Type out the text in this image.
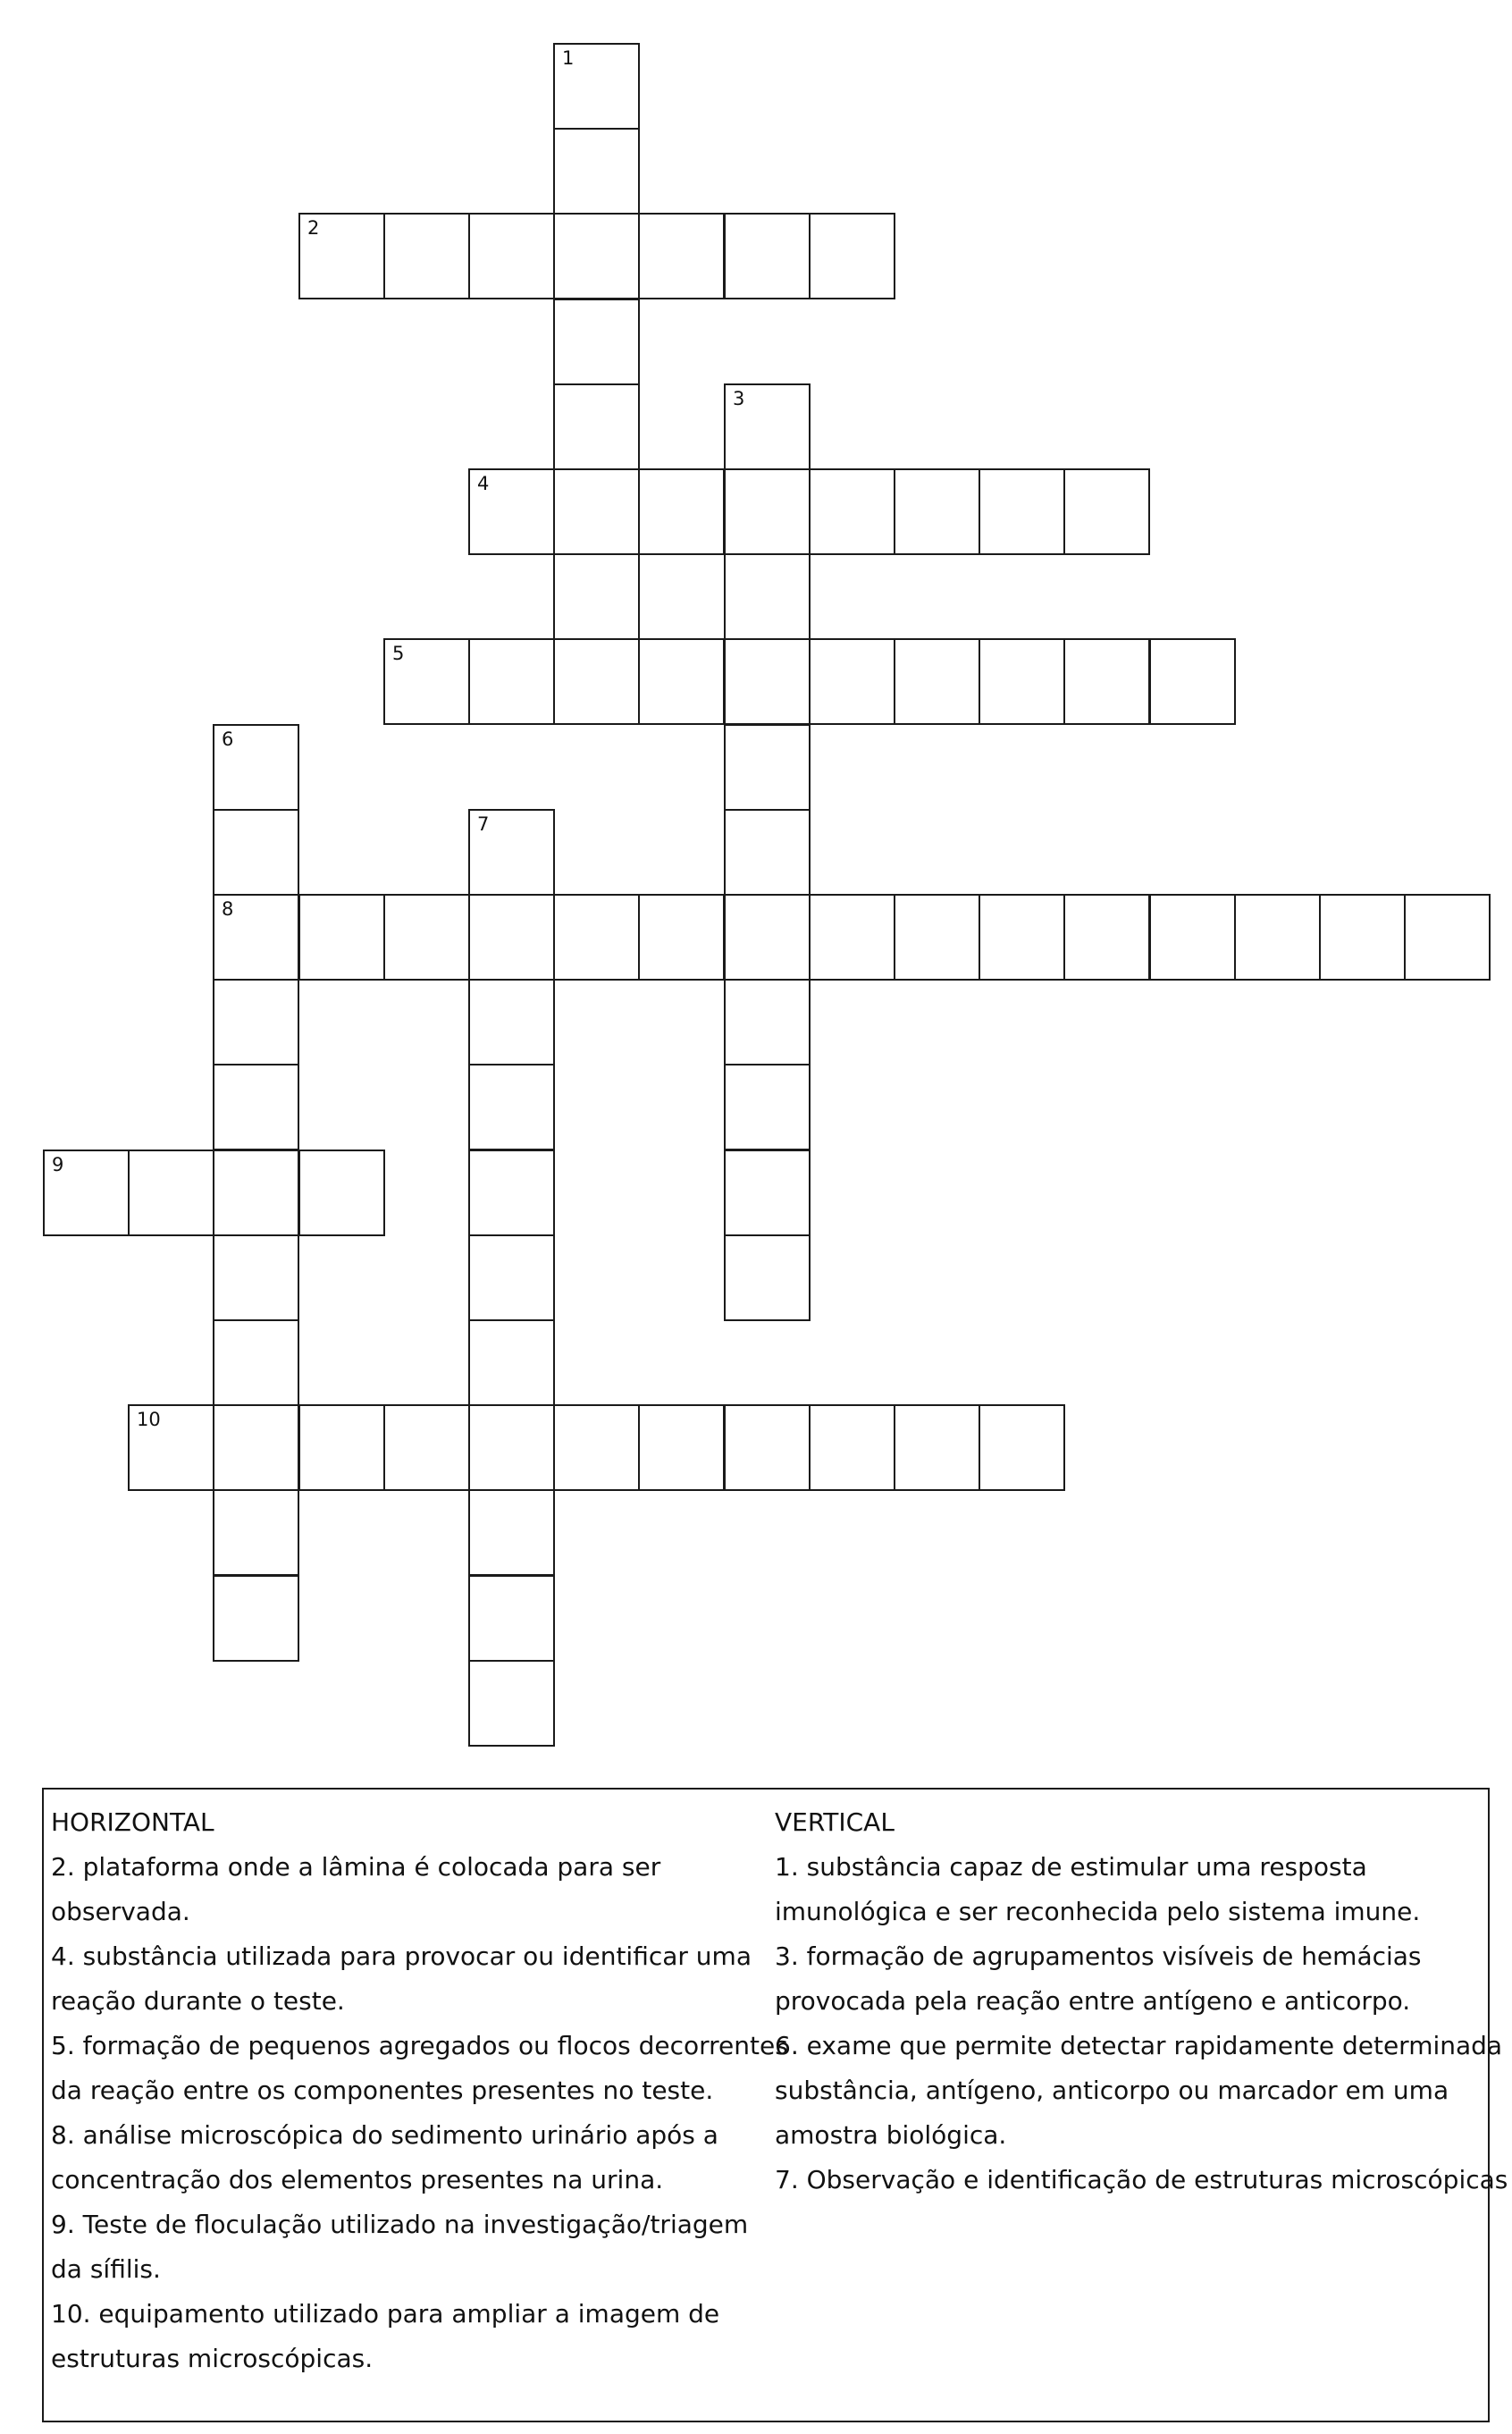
1
2
3
4
5
6
7
8
9
10
HORIZONTAL
2. plataforma onde a lâmina é colocada para ser
observada.
4. substância utilizada para provocar ou identificar uma
reação durante o teste.
5. formação de pequenos agregados ou flocos decorrentes
da reação entre os componentes presentes no teste.
8. análise microscópica do sedimento urinário após a
concentração dos elementos presentes na urina.
9. Teste de floculação utilizado na investigação/triagem
da sífilis.
10. equipamento utilizado para ampliar a imagem de
estruturas microscópicas.
VERTICAL
1. substância capaz de estimular uma resposta
imunológica e ser reconhecida pelo sistema imune.
3. formação de agrupamentos visíveis de hemácias
provocada pela reação entre antígeno e anticorpo.
6. exame que permite detectar rapidamente determinada
substância, antígeno, anticorpo ou marcador em uma
amostra biológica.
7. Observação e identificação de estruturas microscópicas
